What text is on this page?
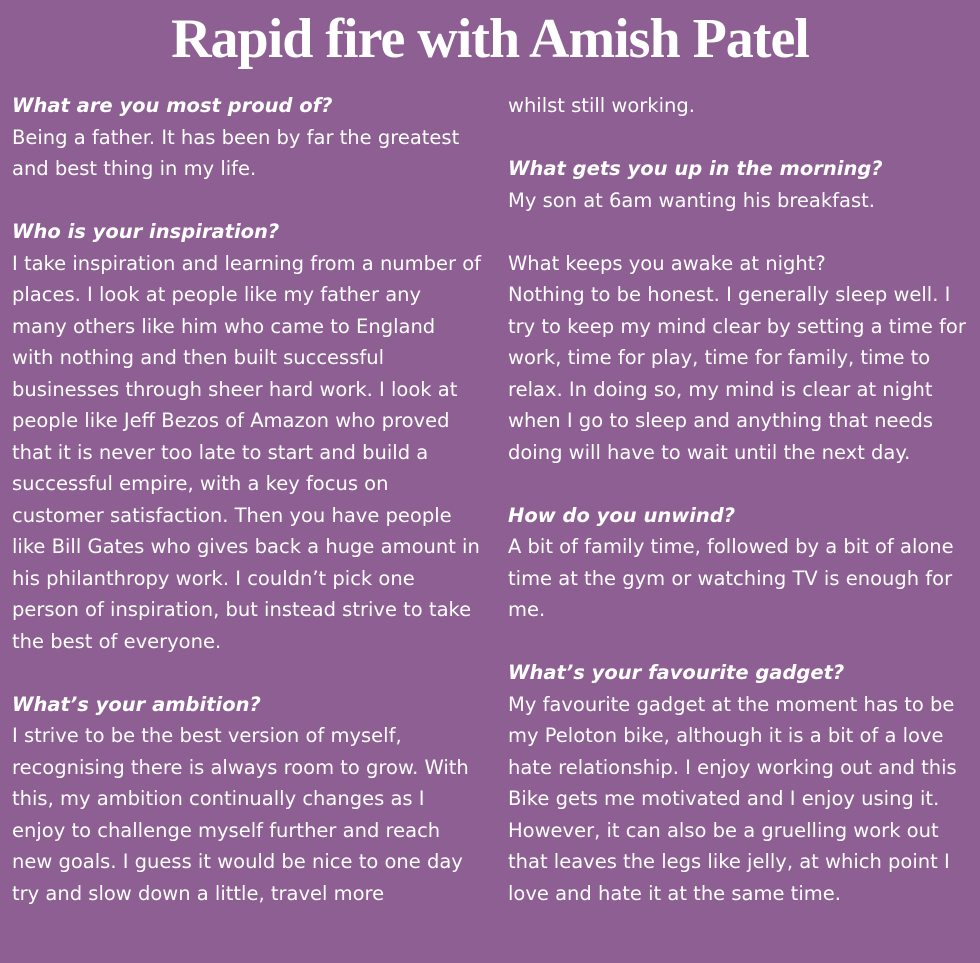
Rapid fire with Amish Patel
What are you most proud of?
Being a father. It has been by far the greatest and best thing in my life.
Who is your inspiration?
I take inspiration and learning from a number of places. I look at people like my father any many others like him who came to England with nothing and then built successful businesses through sheer hard work. I look at people like Jeff Bezos of Amazon who proved that it is never too late to start and build a successful empire, with a key focus on customer satisfaction. Then you have people like Bill Gates who gives back a huge amount in his philanthropy work. I couldn’t pick one person of inspiration, but instead strive to take the best of everyone.
What’s your ambition?
I strive to be the best version of myself, recognising there is always room to grow. With this, my ambition continually changes as I enjoy to challenge myself further and reach new goals. I guess it would be nice to one day try and slow down a little, travel more
whilst still working.
What gets you up in the morning?
My son at 6am wanting his breakfast.
What keeps you awake at night?
Nothing to be honest. I generally sleep well. I try to keep my mind clear by setting a time for work, time for play, time for family, time to relax. In doing so, my mind is clear at night when I go to sleep and anything that needs doing will have to wait until the next day.
How do you unwind?
A bit of family time, followed by a bit of alone time at the gym or watching TV is enough for me.
What’s your favourite gadget?
My favourite gadget at the moment has to be my Peloton bike, although it is a bit of a love hate relationship. I enjoy working out and this Bike gets me motivated and I enjoy using it. However, it can also be a gruelling work out that leaves the legs like jelly, at which point I love and hate it at the same time.
